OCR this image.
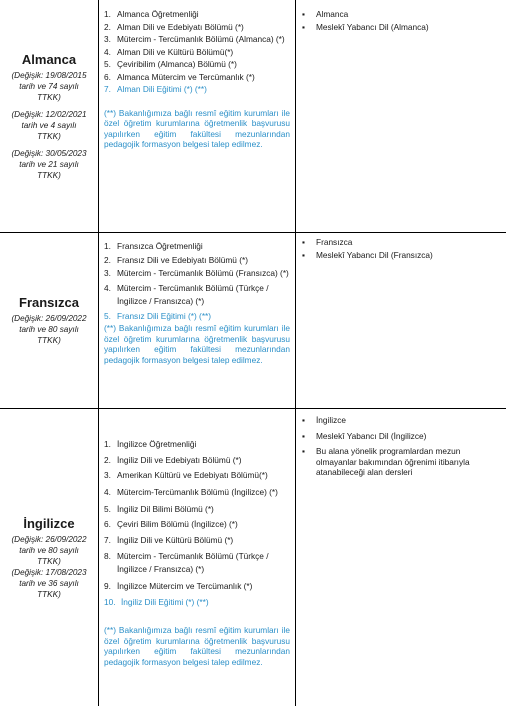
Almanca
(Değişik: 19/08/2015 tarih ve 74 sayılı TTKK)
(Değişik: 12/02/2021 tarih ve 4 sayılı TTKK)
(Değişik: 30/05/2023 tarih ve 21 sayılı TTKK)
1. Almanca Öğretmenliği
2. Alman Dili ve Edebiyatı Bölümü (*)
3. Mütercim - Tercümanlık Bölümü (Almanca) (*)
4. Alman Dili ve Kültürü Bölümü(*)
5. Çeviribilim (Almanca) Bölümü (*)
6. Almanca Mütercim ve Tercümanlık (*)
7. Alman Dili Eğitimi (*) (**)
(**) Bakanlığımıza bağlı resmî eğitim kurumları ile özel öğretim kurumlarına öğretmenlik başvurusu yapılırken eğitim fakültesi mezunlarından pedagojik formasyon belgesi talep edilmez.
▪	Almanca
▪	Meslekî Yabancı Dil (Almanca)
Fransızca
(Değişik: 26/09/2022 tarih ve 80 sayılı TTKK)
1. Fransızca Öğretmenliği
2. Fransız Dili ve Edebiyatı Bölümü (*)
3. Mütercim - Tercümanlık Bölümü (Fransızca) (*)
4. Mütercim - Tercümanlık Bölümü (Türkçe / İngilizce / Fransızca) (*)
5. Fransız Dili Eğitimi (*) (**)
(**) Bakanlığımıza bağlı resmî eğitim kurumları ile özel öğretim kurumlarına öğretmenlik başvurusu yapılırken eğitim fakültesi mezunlarından pedagojik formasyon belgesi talep edilmez.
▪	Fransızca
▪	Meslekî Yabancı Dil (Fransızca)
İngilizce
(Değişik: 26/09/2022 tarih ve 80 sayılı TTKK)
(Değişik: 17/08/2023 tarih ve 36 sayılı TTKK)
1. İngilizce Öğretmenliği
2. İngiliz Dili ve Edebiyatı Bölümü (*)
3. Amerikan Kültürü ve Edebiyatı Bölümü(*)
4. Mütercim-Tercümanlık Bölümü (İngilizce) (*)
5. İngiliz Dil Bilimi Bölümü (*)
6. Çeviri Bilim Bölümü (İngilizce) (*)
7. İngiliz Dili ve Kültürü Bölümü (*)
8. Mütercim - Tercümanlık Bölümü (Türkçe / İngilizce / Fransızca) (*)
9. İngilizce Mütercim ve Tercümanlık (*)
10. İngiliz Dili Eğitimi (*) (**)
(**) Bakanlığımıza bağlı resmî eğitim kurumları ile özel öğretim kurumlarına öğretmenlik başvurusu yapılırken eğitim fakültesi mezunlarından pedagojik formasyon belgesi talep edilmez.
▪	İngilizce
▪	Meslekî Yabancı Dil (İngilizce)
▪	Bu alana yönelik programlardan mezun olmayanlar bakımından öğrenimi itibarıyla atanabileceği alan dersleri
